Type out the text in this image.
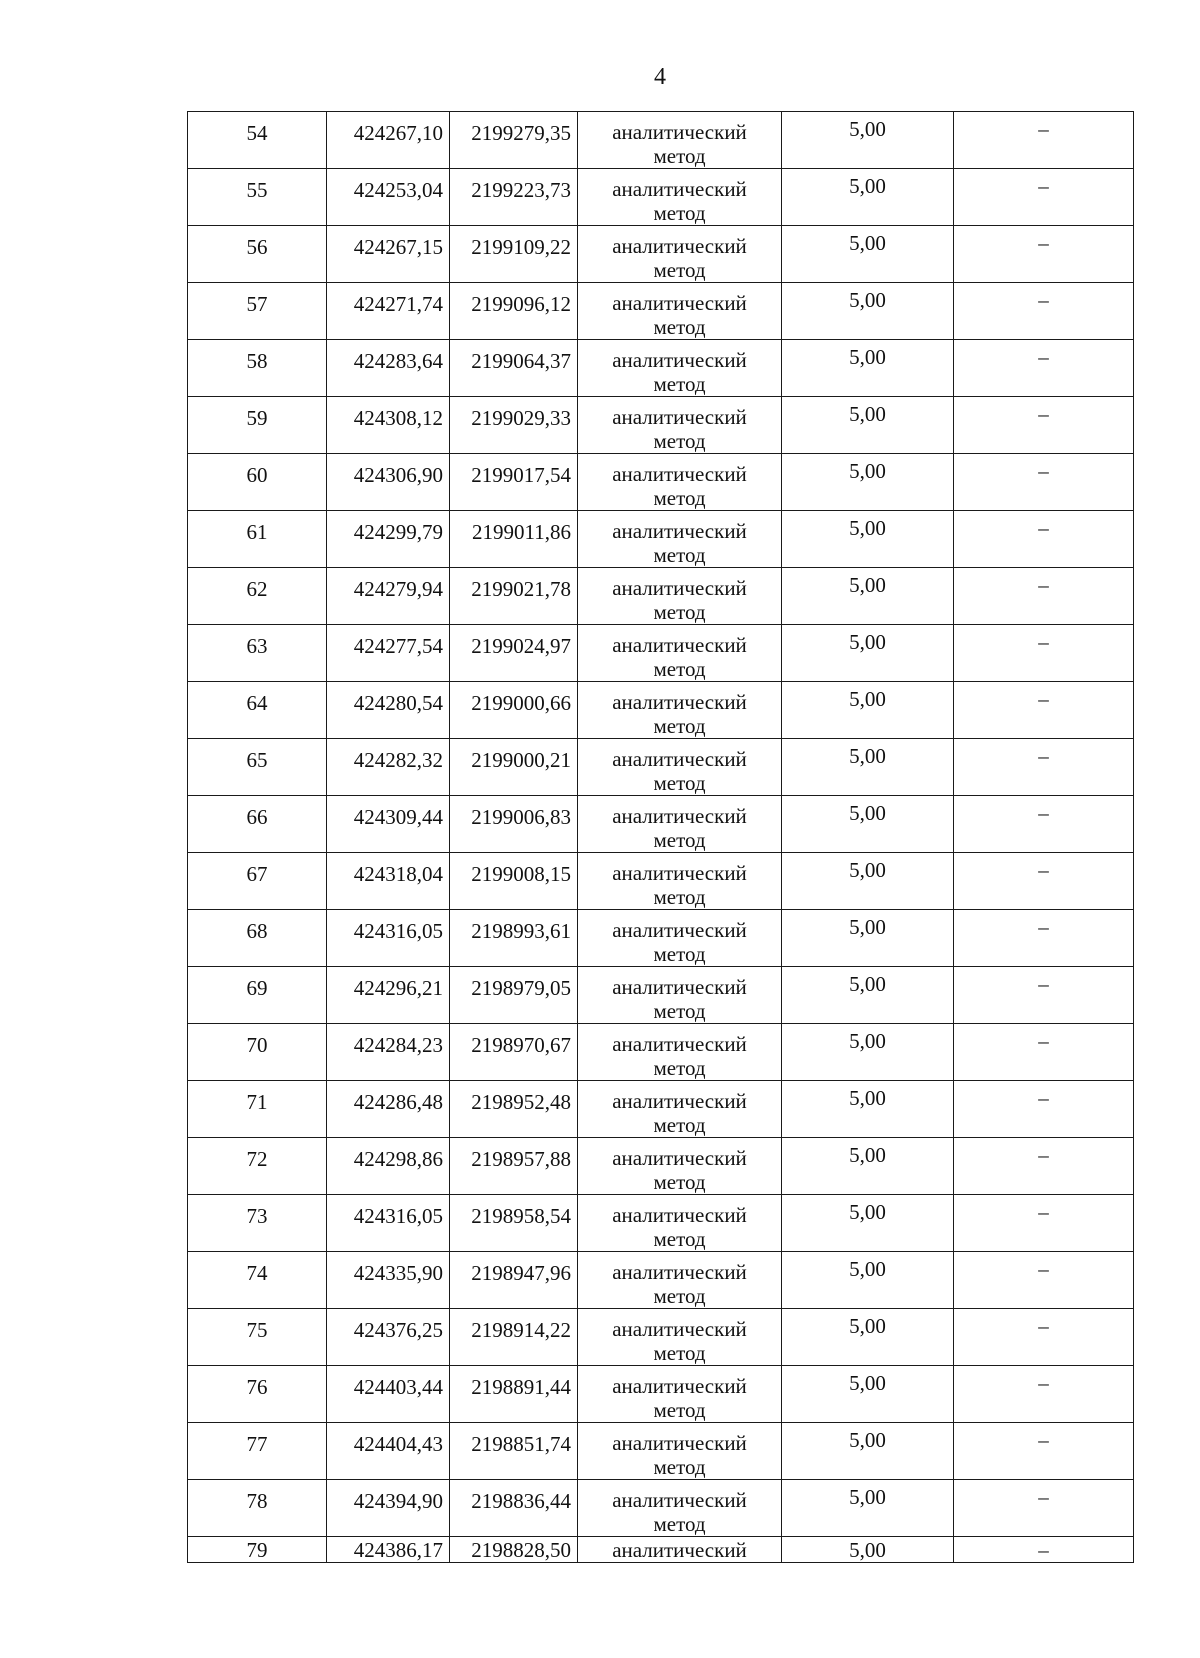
4
54	424267,10	2199279,35	аналитический
метод	5,00	–
55	424253,04	2199223,73	аналитический
метод	5,00	–
56	424267,15	2199109,22	аналитический
метод	5,00	–
57	424271,74	2199096,12	аналитический
метод	5,00	–
58	424283,64	2199064,37	аналитический
метод	5,00	–
59	424308,12	2199029,33	аналитический
метод	5,00	–
60	424306,90	2199017,54	аналитический
метод	5,00	–
61	424299,79	2199011,86	аналитический
метод	5,00	–
62	424279,94	2199021,78	аналитический
метод	5,00	–
63	424277,54	2199024,97	аналитический
метод	5,00	–
64	424280,54	2199000,66	аналитический
метод	5,00	–
65	424282,32	2199000,21	аналитический
метод	5,00	–
66	424309,44	2199006,83	аналитический
метод	5,00	–
67	424318,04	2199008,15	аналитический
метод	5,00	–
68	424316,05	2198993,61	аналитический
метод	5,00	–
69	424296,21	2198979,05	аналитический
метод	5,00	–
70	424284,23	2198970,67	аналитический
метод	5,00	–
71	424286,48	2198952,48	аналитический
метод	5,00	–
72	424298,86	2198957,88	аналитический
метод	5,00	–
73	424316,05	2198958,54	аналитический
метод	5,00	–
74	424335,90	2198947,96	аналитический
метод	5,00	–
75	424376,25	2198914,22	аналитический
метод	5,00	–
76	424403,44	2198891,44	аналитический
метод	5,00	–
77	424404,43	2198851,74	аналитический
метод	5,00	–
78	424394,90	2198836,44	аналитический
метод	5,00	–
79	424386,17	2198828,50	аналитический	5,00	–
